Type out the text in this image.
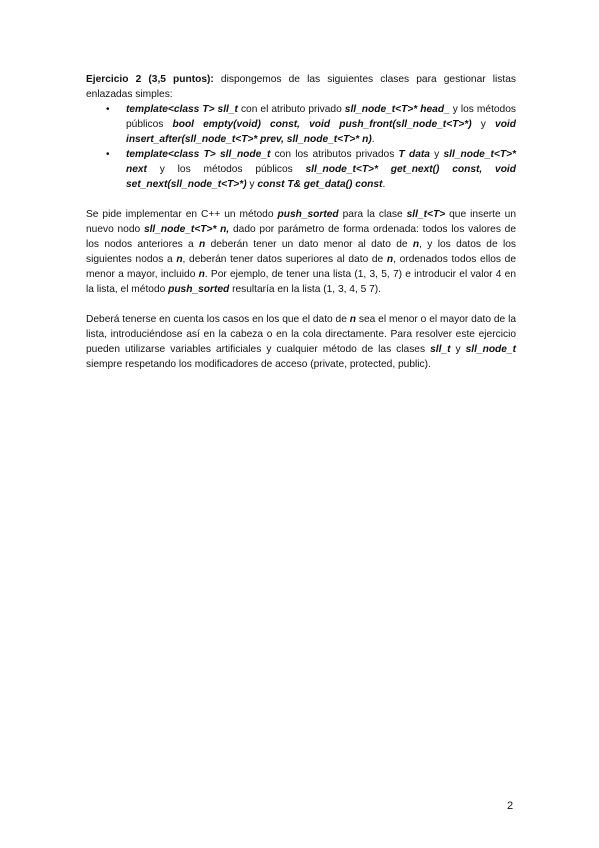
Ejercicio 2 (3,5 puntos): dispongemos de las siguientes clases para gestionar listas enlazadas simples:

• template<class T> sll_t con el atributo privado sll_node_t<T>* head_ y los métodos públicos bool empty(void) const, void push_front(sll_node_t<T>*) y void insert_after(sll_node_t<T>* prev, sll_node_t<T>* n).
• template<class T> sll_node_t con los atributos privados T data y sll_node_t<T>* next y los métodos públicos sll_node_t<T>* get_next() const, void set_next(sll_node_t<T>*) y const T& get_data() const.

Se pide implementar en C++ un método push_sorted para la clase sll_t<T> que inserte un nuevo nodo sll_node_t<T>* n, dado por parámetro de forma ordenada: todos los valores de los nodos anteriores a n deberán tener un dato menor al dato de n, y los datos de los siguientes nodos a n, deberán tener datos superiores al dato de n, ordenados todos ellos de menor a mayor, incluido n. Por ejemplo, de tener una lista (1, 3, 5, 7) e introducir el valor 4 en la lista, el método push_sorted resultaría en la lista (1, 3, 4, 5 7).

Deberá tenerse en cuenta los casos en los que el dato de n sea el menor o el mayor dato de la lista, introduciéndose así en la cabeza o en la cola directamente. Para resolver este ejercicio pueden utilizarse variables artificiales y cualquier método de las clases sll_t y sll_node_t siempre respetando los modificadores de acceso (private, protected, public).

2
